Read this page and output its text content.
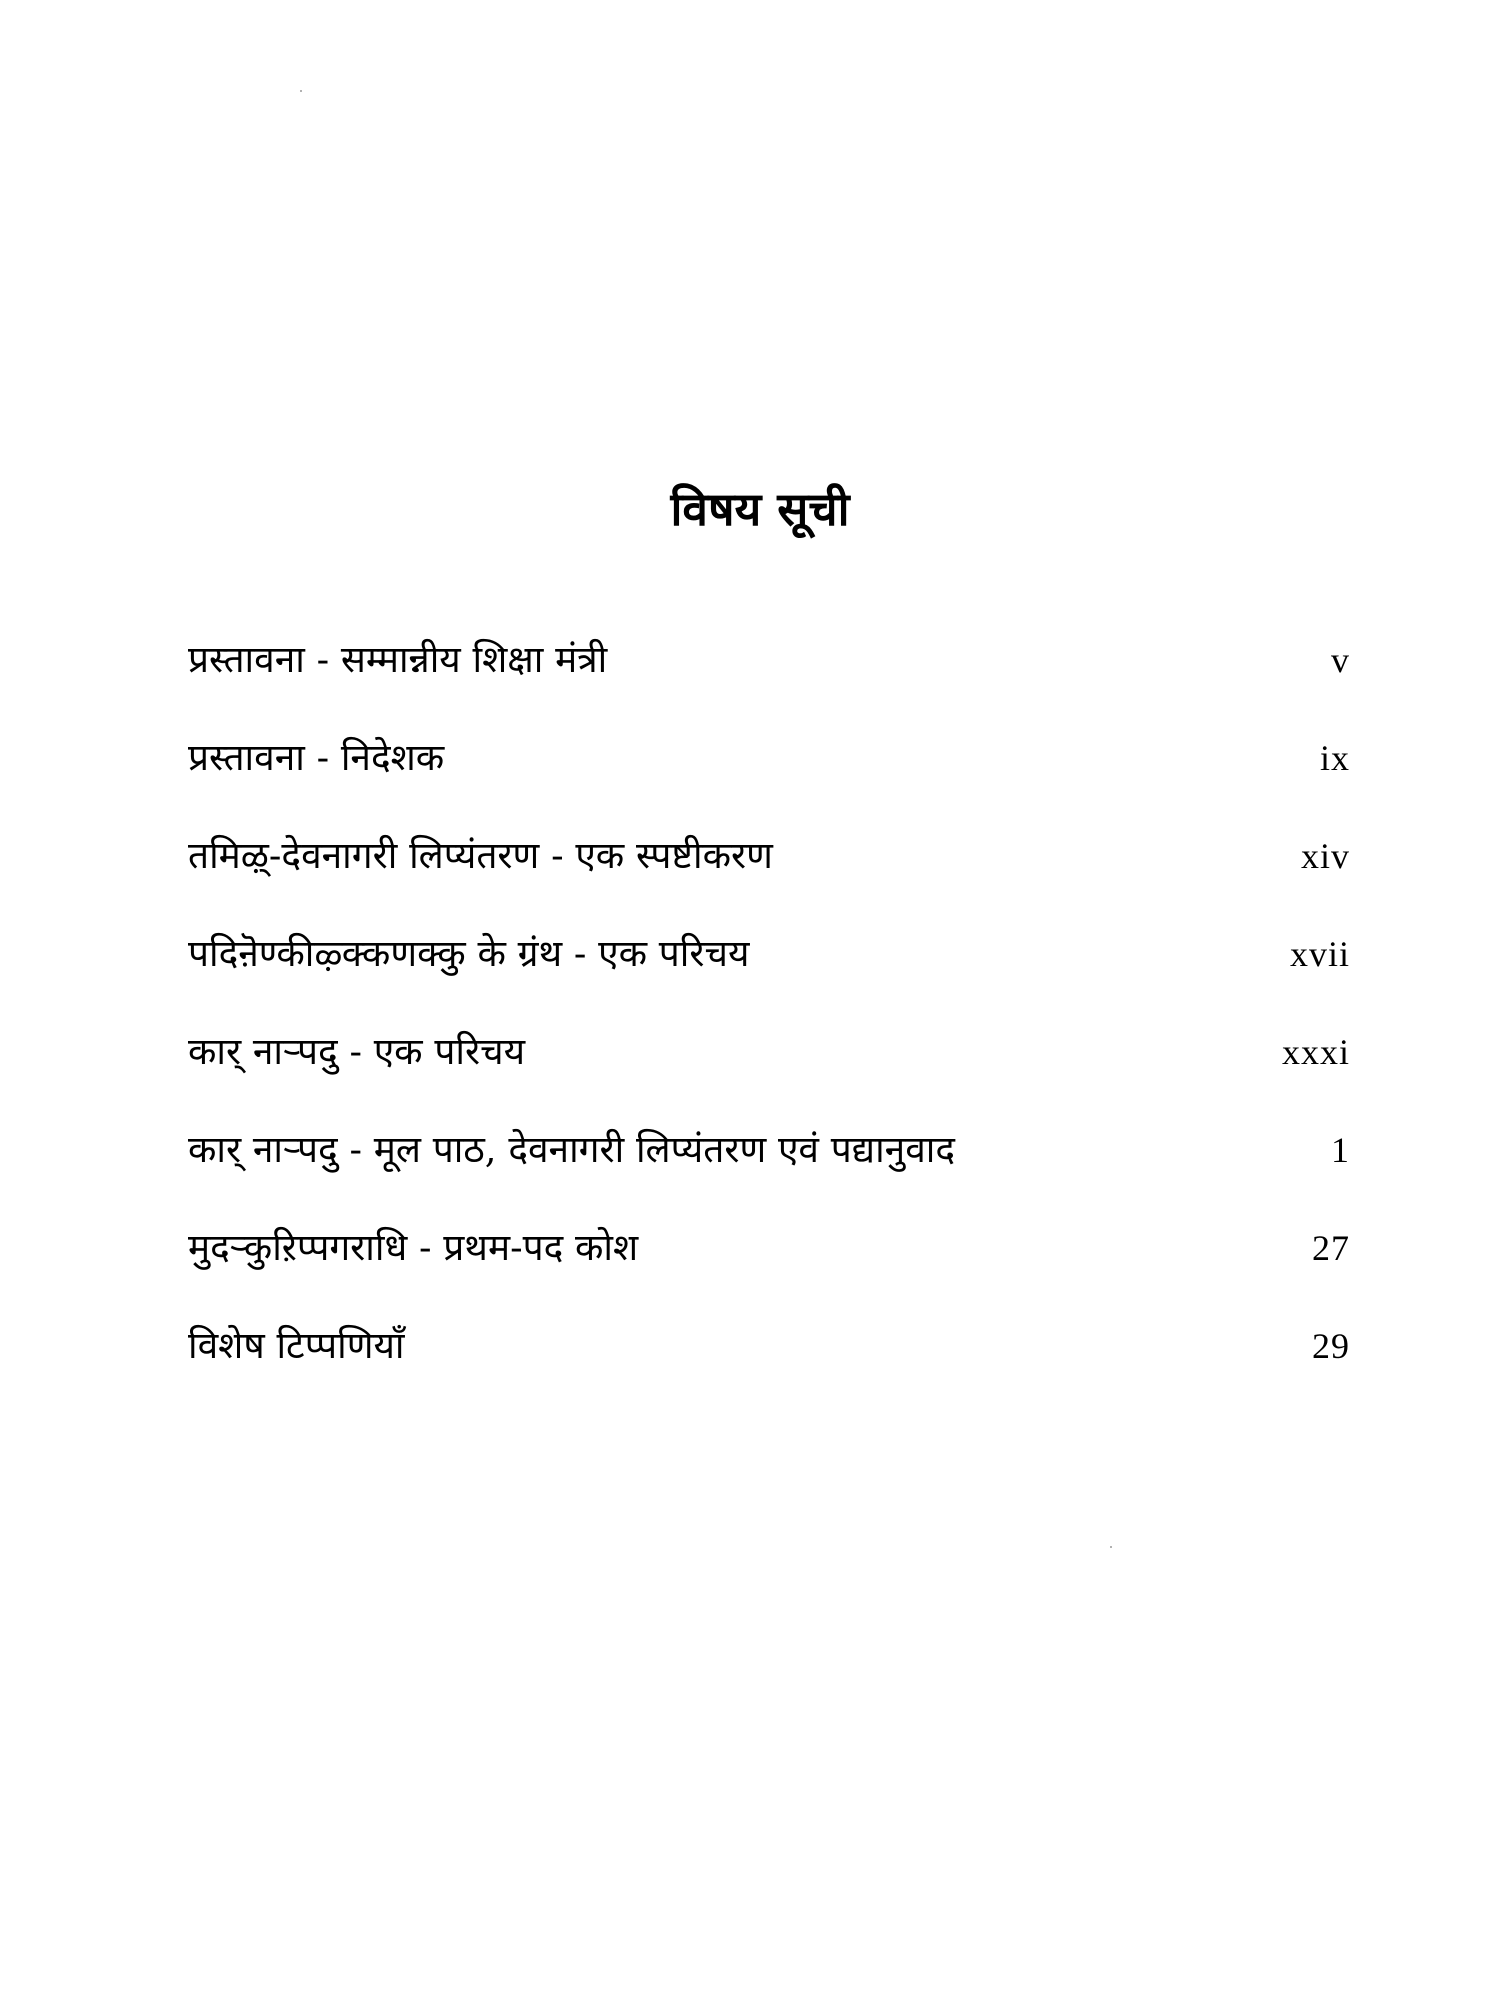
विषय सूची
प्रस्तावना - सम्मान्नीय शिक्षा मंत्री	v
प्रस्तावना - निदेशक	ix
तमिऴ्-देवनागरी लिप्यंतरण - एक स्पष्टीकरण	xiv
पदिऩॆण्कीऴ्क्कणक्कु के ग्रंथ - एक परिचय	xvii
कार् नाऱ्पदु - एक परिचय	xxxi
कार् नाऱ्पदु - मूल पाठ, देवनागरी लिप्यंतरण एवं पद्यानुवाद	1
मुदऱ्कुऱिप्पगराधि - प्रथम-पद कोश	27
विशेष टिप्पणियाँ	29
